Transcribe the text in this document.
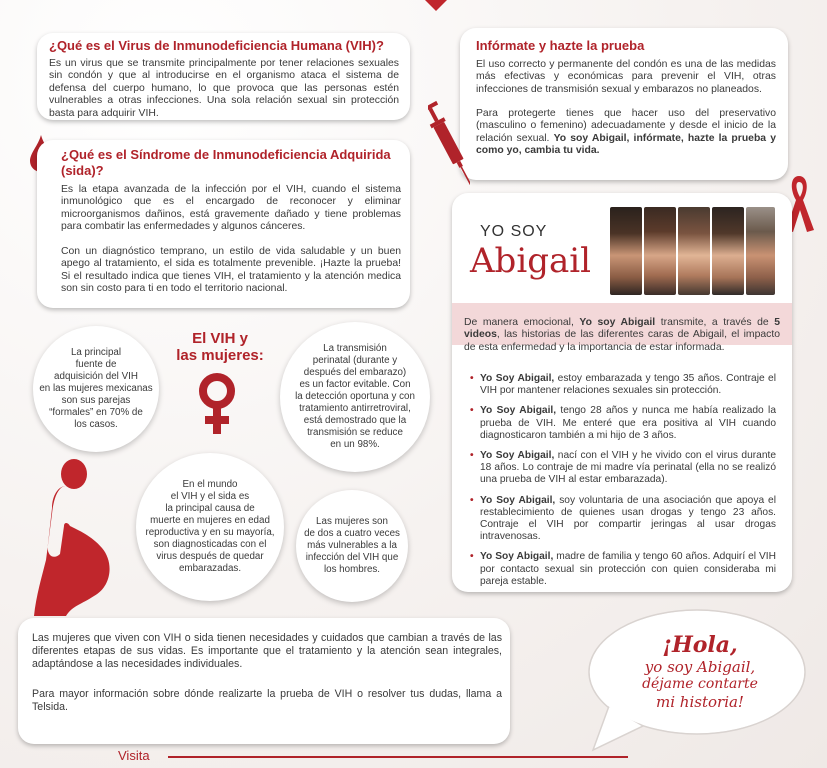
¿Qué es el Virus de Inmunodeficiencia Humana (VIH)?

Es un virus que se transmite principalmente por tener relaciones sexuales sin condón y que al introducirse en el organismo ataca el sistema de defensa del cuerpo humano, lo que provoca que las personas estén vulnerables a otras infecciones. Una sola relación sexual sin protección basta para adquirir VIH.

¿Qué es el Síndrome de Inmunodeficiencia Adquirida (sida)?

Es la etapa avanzada de la infección por el VIH, cuando el sistema inmunológico que es el encargado de reconocer y eliminar microorganismos dañinos, está gravemente dañado y tiene problemas para combatir las enfermedades y algunos cánceres.

Con un diagnóstico temprano, un estilo de vida saludable y un buen apego al tratamiento, el sida es totalmente prevenible. ¡Hazte la prueba! Si el resultado indica que tienes VIH, el tratamiento y la atención medica son sin costo para ti en todo el territorio nacional.

Infórmate y hazte la prueba

El uso correcto y permanente del condón es una de las medidas más efectivas y económicas para prevenir el VIH, otras infecciones de transmisión sexual y embarazos no planeados.

Para protegerte tienes que hacer uso del preservativo (masculino o femenino) adecuadamente y desde el inicio de la relación sexual. Yo soy Abigail, infórmate, hazte la prueba y como yo, cambia tu vida.

YO SOY
Abigail

De manera emocional, Yo soy Abigail transmite, a través de 5 videos, las historias de las diferentes caras de Abigail, el impacto de esta enfermedad y la importancia de estar informada.

• Yo Soy Abigail, estoy embarazada y tengo 35 años. Contraje el VIH por mantener relaciones sexuales sin protección.
• Yo Soy Abigail, tengo 28 años y nunca me había realizado la prueba de VIH. Me enteré que era positiva al VIH cuando diagnosticaron también a mi hijo de 3 años.
• Yo Soy Abigail, nací con el VIH y he vivido con el virus durante 18 años. Lo contraje de mi madre vía perinatal (ella no se realizó una prueba de VIH al estar embarazada).
• Yo Soy Abigail, soy voluntaria de una asociación que apoya el restablecimiento de quienes usan drogas y tengo 23 años. Contraje el VIH por compartir jeringas al usar drogas intravenosas.
• Yo Soy Abigail, madre de familia y tengo 60 años. Adquirí el VIH por contacto sexual sin protección con quien consideraba mi pareja estable.
El VIH y
las mujeres:
La principal
fuente de
adquisición del VIH
en las mujeres mexicanas
son sus parejas
“formales” en 70% de
los casos.
La transmisión
perinatal (durante y
después del embarazo)
es un factor evitable. Con
la detección oportuna y con
tratamiento antirretroviral,
está demostrado que la
transmisión se reduce
en un 98%.
En el mundo
el VIH y el sida es
la principal causa de
muerte en mujeres en edad
reproductiva y en su mayoría,
son diagnosticadas con el
virus después de quedar
embarazadas.
Las mujeres son
de dos a cuatro veces
más vulnerables a la
infección del VIH que
los hombres.

Las mujeres que viven con VIH o sida tienen necesidades y cuidados que cambian a través de las diferentes etapas de sus vidas. Es importante que el tratamiento y la atención sean integrales, adaptándose a las necesidades individuales.

Para mayor información sobre dónde realizarte la prueba de VIH o resolver tus dudas, llama a Telsida.

¡Hola,
yo soy Abigail,
déjame contarte
mi historia!
Visita
